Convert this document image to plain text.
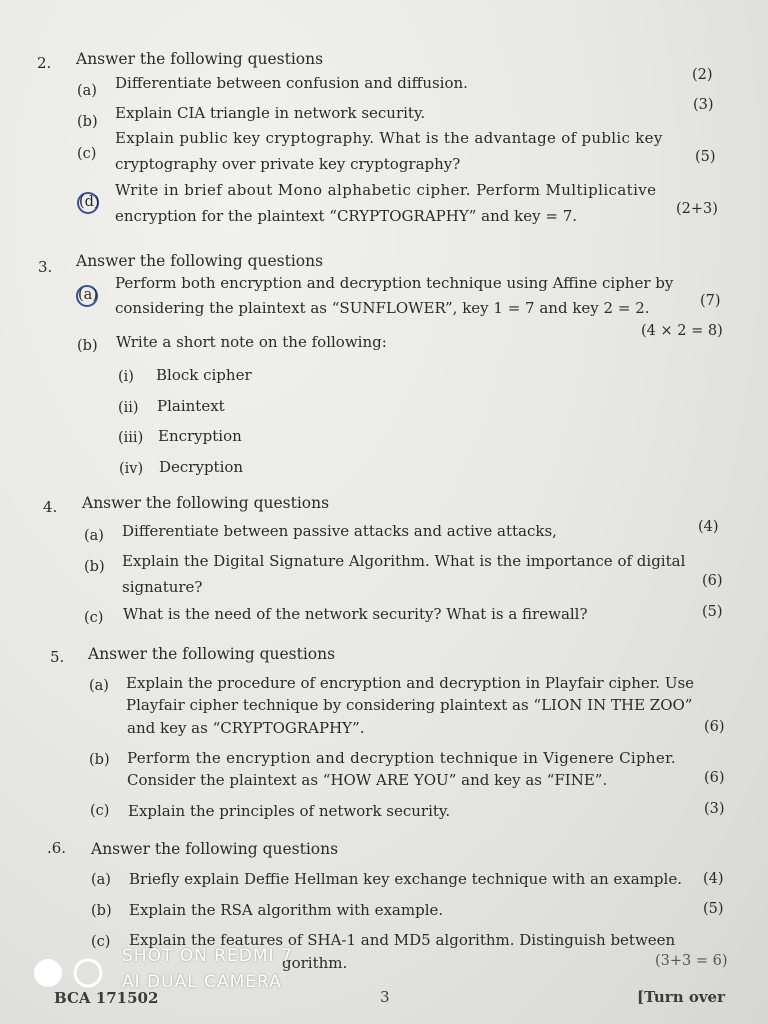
2. Answer the following questions
(a) Differentiate between confusion and diffusion.	(2)
(b) Explain CIA triangle in network security.	(3)
(c)
Explain public key cryptography. What is the advantage of public key
cryptography over private key cryptography?	(5)
(d)
Write in brief about Mono alphabetic cipher. Perform Multiplicative
encryption for the plaintext “CRYPTOGRAPHY” and key = 7.	(2+3)
3. Answer the following questions
(a)
Perform both encryption and decryption technique using Affine cipher by
considering the plaintext as “SUNFLOWER”, key 1 = 7 and key 2 = 2.	(7)
(b) Write a short note on the following:
(4 × 2 = 8)
(i) Block cipher
(ii) Plaintext
(iii) Encryption
(iv) Decryption
4. Answer the following questions
(a) Differentiate between passive attacks and active attacks,	(4)
(b) Explain the Digital Signature Algorithm. What is the importance of digital
signature?	(6)
(c) What is the need of the network security? What is a firewall?	(5)
5. Answer the following questions
(a) Explain the procedure of encryption and decryption in Playfair cipher. Use
Playfair cipher technique by considering plaintext as “LION IN THE ZOO”
and key as “CRYPTOGRAPHY”.	(6)
(b) Perform the encryption and decryption technique in Vigenere Cipher.
Consider the plaintext as “HOW ARE YOU” and key as “FINE”.	(6)
(c) Explain the principles of network security.	(3)
.6. Answer the following questions
(a) Briefly explain Deffie Hellman key exchange technique with an example. (4)
(b) Explain the RSA algorithm with example.	(5)
(c) Explain the features of SHA-1 and MD5 algorithm. Distinguish between
gorithm.	(3+3 = 6)
SHOT ON REDMI 7
AI DUAL CAMERA
BCA 171502	3	[Turn over
